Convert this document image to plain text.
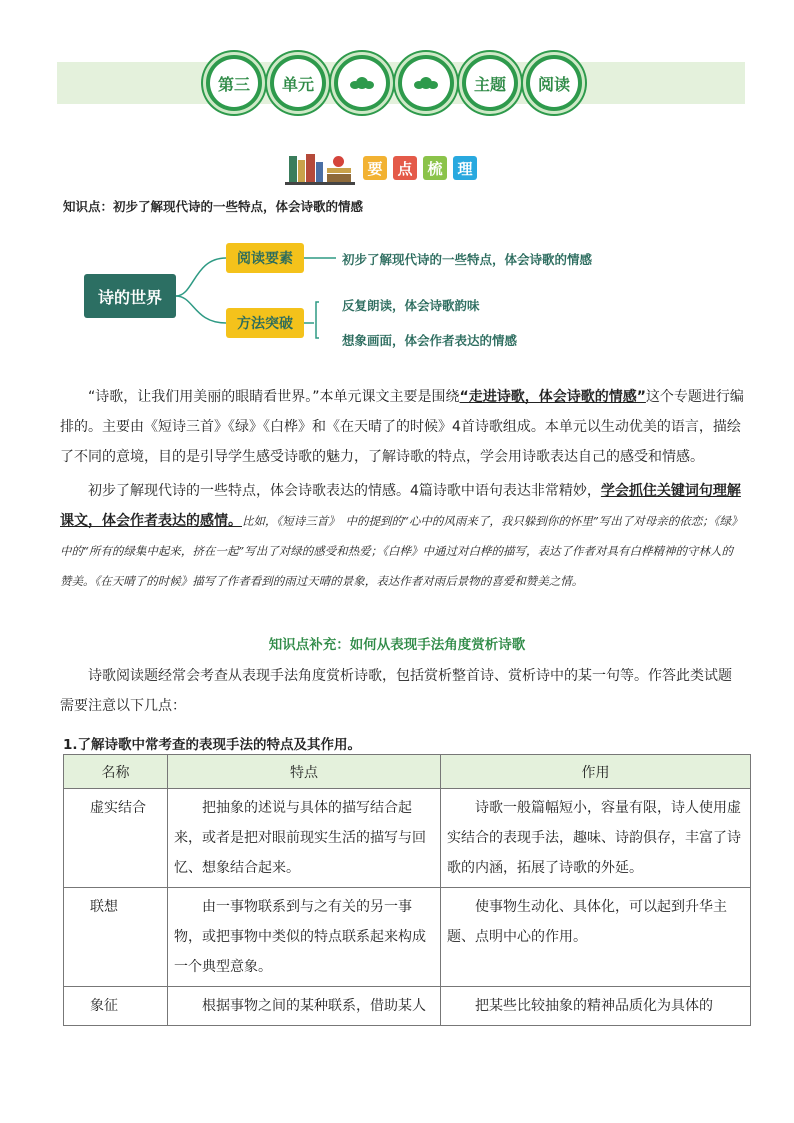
第三	单元	主题	阅读
要 点 梳 理
知识点：初步了解现代诗的一些特点，体会诗歌的情感
诗的世界
阅读要素
方法突破
初步了解现代诗的一些特点，体会诗歌的情感
反复朗读，体会诗歌韵味
想象画面，体会作者表达的情感

“诗歌，让我们用美丽的眼睛看世界。”本单元课文主要是围绕“走进诗歌，体会诗歌的情感”这个专题进行编排的。主要由《短诗三首》《绿》《白桦》和《在天晴了的时候》4首诗歌组成。本单元以生动优美的语言，描绘了不同的意境，目的是引导学生感受诗歌的魅力，了解诗歌的特点，学会用诗歌表达自己的感受和情感。

初步了解现代诗的一些特点，体会诗歌表达的情感。4篇诗歌中语句表达非常精妙，学会抓住关键词句理解课文，体会作者表达的感情。比如，《短诗三首》　中的提到的“心中的风雨来了，我只躲到你的怀里”写出了对母亲的依恋；《绿》　中的“所有的绿集中起来，挤在一起”写出了对绿的感受和热爱；《白桦》中通过对白桦的描写，表达了作者对具有白桦精神的守林人的赞美。《在天晴了的时候》描写了作者看到的雨过天晴的景象，表达作者对雨后景物的喜爱和赞美之情。

知识点补充：如何从表现手法角度赏析诗歌

诗歌阅读题经常会考查从表现手法角度赏析诗歌，包括赏析整首诗、赏析诗中的某一句等。作答此类试题需要注意以下几点：

1.了解诗歌中常考查的表现手法的特点及其作用。
名称	特点	作用
虚实结合	把抽象的述说与具体的描写结合起来，或者是把对眼前现实生活的描写与回忆、想象结合起来。	诗歌一般篇幅短小，容量有限，诗人使用虚实结合的表现手法，趣味、诗韵俱存，丰富了诗歌的内涵，拓展了诗歌的外延。

联想	由一事物联系到与之有关的另一事物，或把事物中类似的特点联系起来构成一个典型意象。	使事物生动化、具体化，可以起到升华主题、点明中心的作用。

象征	根据事物之间的某种联系，借助某人	把某些比较抽象的精神品质化为具体的
